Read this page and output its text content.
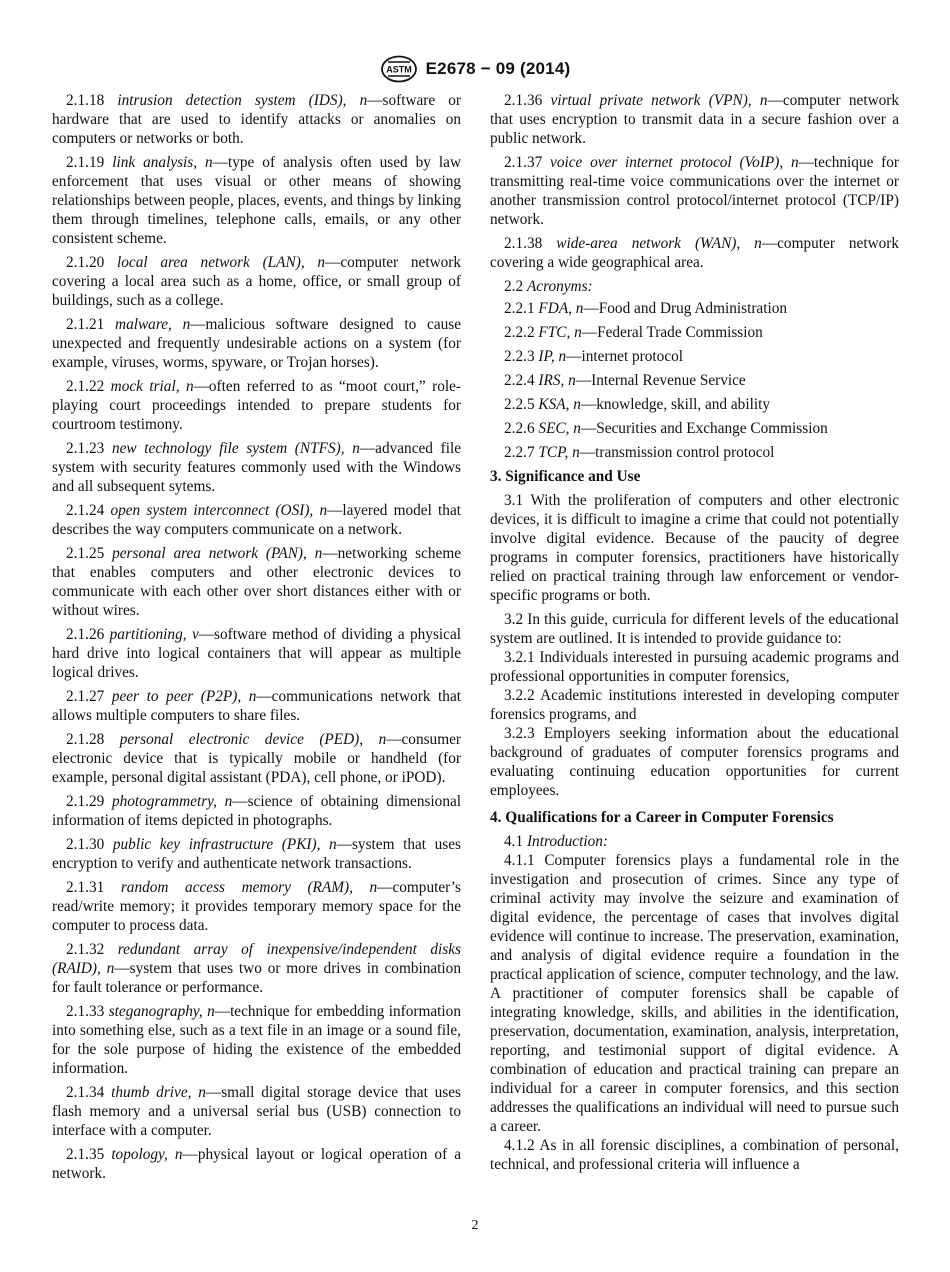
ASTM E2678 − 09 (2014)

2.1.18 intrusion detection system (IDS), n—software or hardware that are used to identify attacks or anomalies on computers or networks or both.

2.1.19 link analysis, n—type of analysis often used by law enforcement that uses visual or other means of showing relationships between people, places, events, and things by linking them through timelines, telephone calls, emails, or any other consistent scheme.

2.1.20 local area network (LAN), n—computer network covering a local area such as a home, office, or small group of buildings, such as a college.

2.1.21 malware, n—malicious software designed to cause unexpected and frequently undesirable actions on a system (for example, viruses, worms, spyware, or Trojan horses).

2.1.22 mock trial, n—often referred to as “moot court,” role-playing court proceedings intended to prepare students for courtroom testimony.

2.1.23 new technology file system (NTFS), n—advanced file system with security features commonly used with the Windows and all subsequent sytems.

2.1.24 open system interconnect (OSI), n—layered model that describes the way computers communicate on a network.

2.1.25 personal area network (PAN), n—networking scheme that enables computers and other electronic devices to communicate with each other over short distances either with or without wires.

2.1.26 partitioning, v—software method of dividing a physical hard drive into logical containers that will appear as multiple logical drives.

2.1.27 peer to peer (P2P), n—communications network that allows multiple computers to share files.

2.1.28 personal electronic device (PED), n—consumer electronic device that is typically mobile or handheld (for example, personal digital assistant (PDA), cell phone, or iPOD).

2.1.29 photogrammetry, n—science of obtaining dimensional information of items depicted in photographs.

2.1.30 public key infrastructure (PKI), n—system that uses encryption to verify and authenticate network transactions.

2.1.31 random access memory (RAM), n—computer’s read/write memory; it provides temporary memory space for the computer to process data.

2.1.32 redundant array of inexpensive/independent disks (RAID), n—system that uses two or more drives in combination for fault tolerance or performance.

2.1.33 steganography, n—technique for embedding information into something else, such as a text file in an image or a sound file, for the sole purpose of hiding the existence of the embedded information.

2.1.34 thumb drive, n—small digital storage device that uses flash memory and a universal serial bus (USB) connection to interface with a computer.

2.1.35 topology, n—physical layout or logical operation of a network.

2.1.36 virtual private network (VPN), n—computer network that uses encryption to transmit data in a secure fashion over a public network.

2.1.37 voice over internet protocol (VoIP), n—technique for transmitting real-time voice communications over the internet or another transmission control protocol/internet protocol (TCP/IP) network.

2.1.38 wide-area network (WAN), n—computer network covering a wide geographical area.

2.2 Acronyms:

2.2.1 FDA, n—Food and Drug Administration

2.2.2 FTC, n—Federal Trade Commission

2.2.3 IP, n—internet protocol

2.2.4 IRS, n—Internal Revenue Service

2.2.5 KSA, n—knowledge, skill, and ability

2.2.6 SEC, n—Securities and Exchange Commission

2.2.7 TCP, n—transmission control protocol

3. Significance and Use

3.1 With the proliferation of computers and other electronic devices, it is difficult to imagine a crime that could not potentially involve digital evidence. Because of the paucity of degree programs in computer forensics, practitioners have historically relied on practical training through law enforcement or vendor-specific programs or both.

3.2 In this guide, curricula for different levels of the educational system are outlined. It is intended to provide guidance to:

3.2.1 Individuals interested in pursuing academic programs and professional opportunities in computer forensics,

3.2.2 Academic institutions interested in developing computer forensics programs, and

3.2.3 Employers seeking information about the educational background of graduates of computer forensics programs and evaluating continuing education opportunities for current employees.

4. Qualifications for a Career in Computer Forensics

4.1 Introduction:

4.1.1 Computer forensics plays a fundamental role in the investigation and prosecution of crimes. Since any type of criminal activity may involve the seizure and examination of digital evidence, the percentage of cases that involves digital evidence will continue to increase. The preservation, examination, and analysis of digital evidence require a foundation in the practical application of science, computer technology, and the law. A practitioner of computer forensics shall be capable of integrating knowledge, skills, and abilities in the identification, preservation, documentation, examination, analysis, interpretation, reporting, and testimonial support of digital evidence. A combination of education and practical training can prepare an individual for a career in computer forensics, and this section addresses the qualifications an individual will need to pursue such a career.

4.1.2 As in all forensic disciplines, a combination of personal, technical, and professional criteria will influence a

2
